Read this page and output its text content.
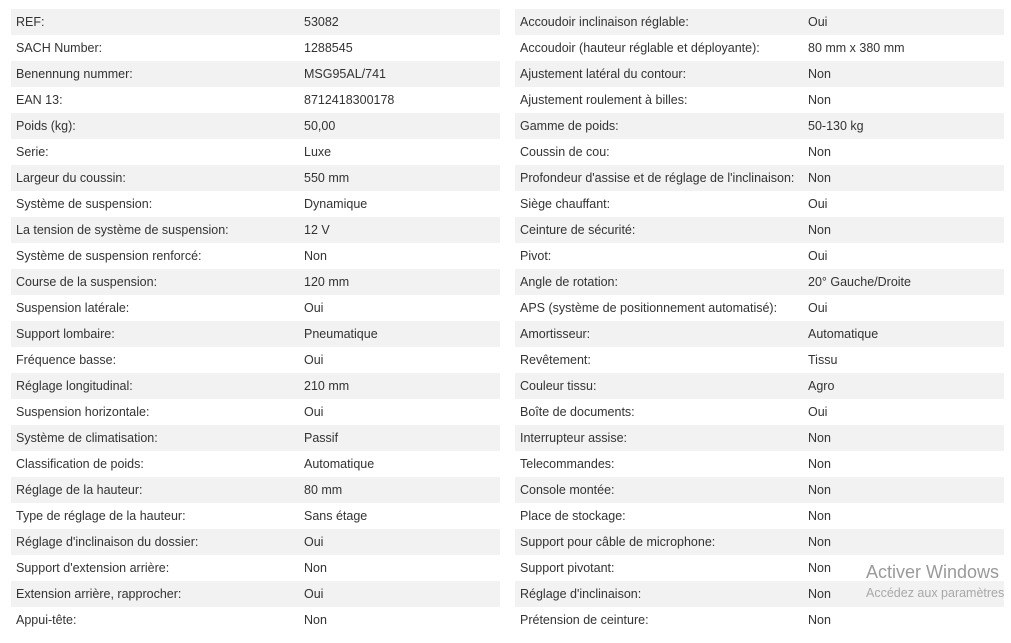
REF:	53082
SACH Number:	1288545
Benennung nummer:	MSG95AL/741
EAN 13:	8712418300178
Poids (kg):	50,00
Serie:	Luxe
Largeur du coussin:	550 mm
Système de suspension:	Dynamique
La tension de système de suspension:	12 V
Système de suspension renforcé:	Non
Course de la suspension:	120 mm
Suspension latérale:	Oui
Support lombaire:	Pneumatique
Fréquence basse:	Oui
Réglage longitudinal:	210 mm
Suspension horizontale:	Oui
Système de climatisation:	Passif
Classification de poids:	Automatique
Réglage de la hauteur:	80 mm
Type de réglage de la hauteur:	Sans étage
Réglage d'inclinaison du dossier:	Oui
Support d'extension arrière:	Non
Extension arrière, rapprocher:	Oui
Appui-tête:	Non
Accoudoir inclinaison réglable:	Oui
Accoudoir (hauteur réglable et déployante):	80 mm x 380 mm
Ajustement latéral du contour:	Non
Ajustement roulement à billes:	Non
Gamme de poids:	50-130 kg
Coussin de cou:	Non
Profondeur d'assise et de réglage de l'inclinaison:	Non
Siège chauffant:	Oui
Ceinture de sécurité:	Non
Pivot:	Oui
Angle de rotation:	20° Gauche/Droite
APS (système de positionnement automatisé):	Oui
Amortisseur:	Automatique
Revêtement:	Tissu
Couleur tissu:	Agro
Boîte de documents:	Oui
Interrupteur assise:	Non
Telecommandes:	Non
Console montée:	Non
Place de stockage:	Non
Support pour câble de microphone:	Non
Support pivotant:	Non
Réglage d'inclinaison:	Non
Prétension de ceinture:	Non
Activer Windows
Accédez aux paramètres
